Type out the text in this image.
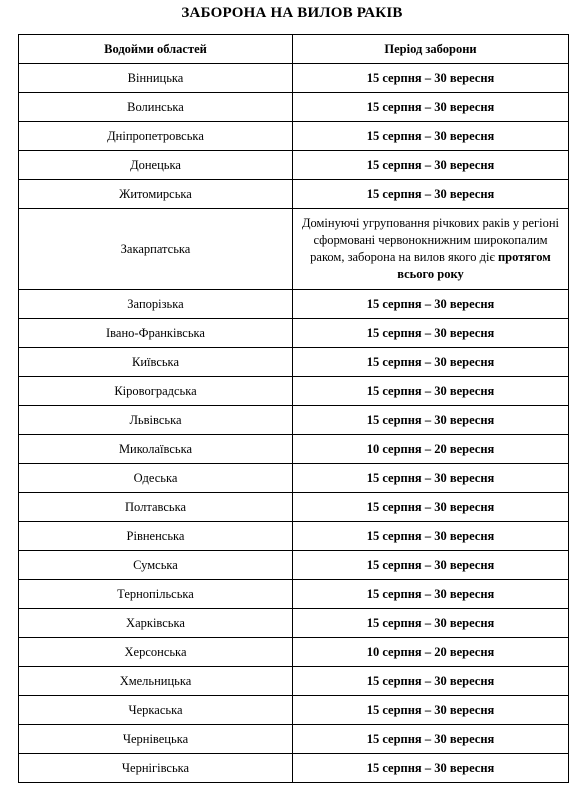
ЗАБОРОНА НА ВИЛОВ РАКІВ
Водойми областей	Період заборони
Вінницька	15 серпня – 30 вересня
Волинська	15 серпня – 30 вересня
Дніпропетровська	15 серпня – 30 вересня
Донецька	15 серпня – 30 вересня
Житомирська	15 серпня – 30 вересня
Закарпатська	Домінуючі угруповання річкових раків у регіоні сформовані червонокнижним широкопалим раком, заборона на вилов якого діє протягом всього року
Запорізька	15 серпня – 30 вересня
Івано-Франківська	15 серпня – 30 вересня
Київська	15 серпня – 30 вересня
Кіровоградська	15 серпня – 30 вересня
Львівська	15 серпня – 30 вересня
Миколаївська	10 серпня – 20 вересня
Одеська	15 серпня – 30 вересня
Полтавська	15 серпня – 30 вересня
Рівненська	15 серпня – 30 вересня
Сумська	15 серпня – 30 вересня
Тернопільська	15 серпня – 30 вересня
Харківська	15 серпня – 30 вересня
Херсонська	10 серпня – 20 вересня
Хмельницька	15 серпня – 30 вересня
Черкаська	15 серпня – 30 вересня
Чернівецька	15 серпня – 30 вересня
Чернігівська	15 серпня – 30 вересня
